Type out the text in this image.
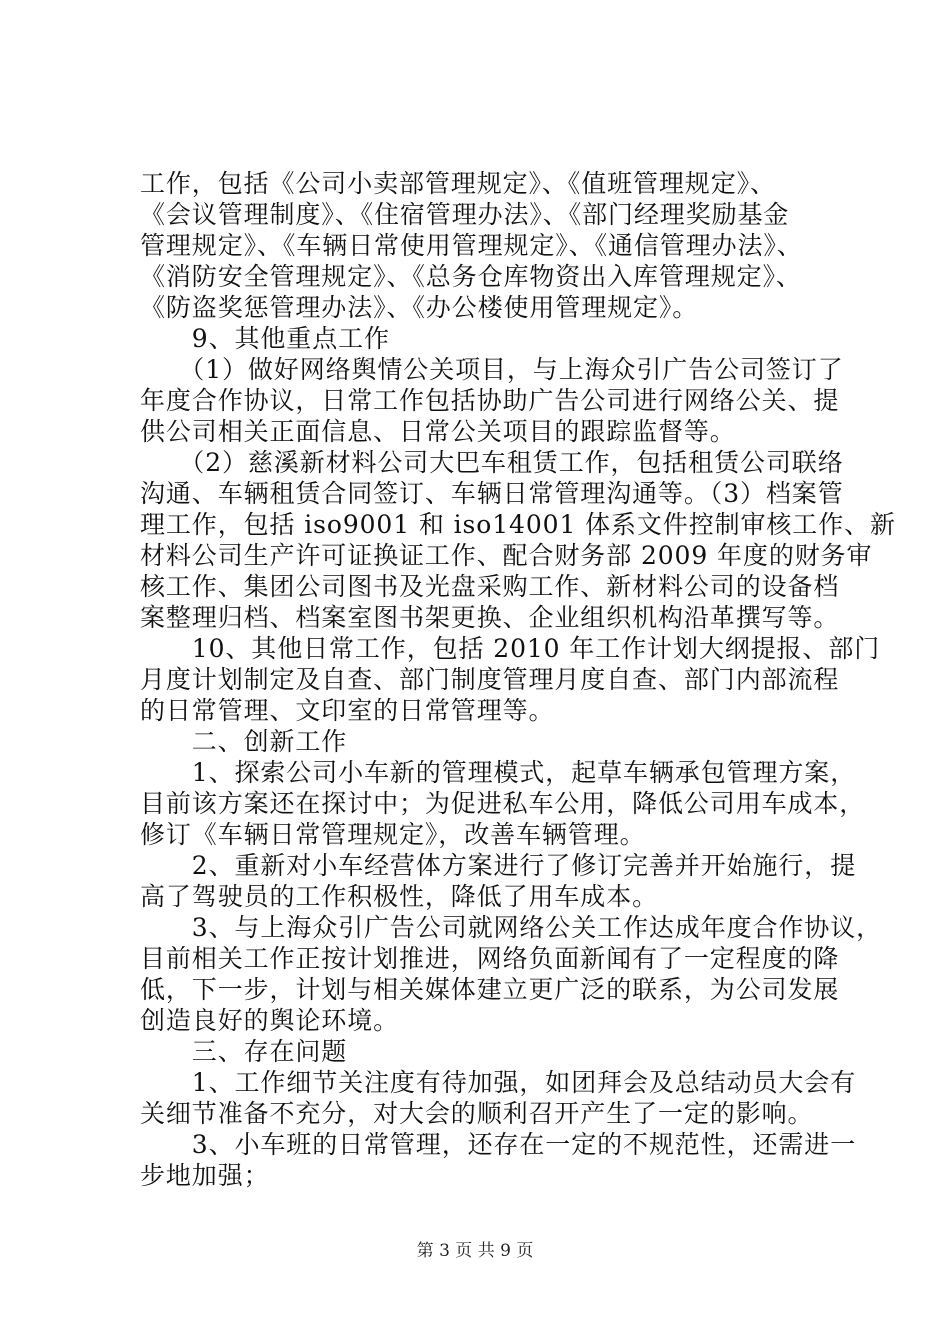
工作，包括《公司小卖部管理规定》、《值班管理规定》、
《会议管理制度》、《住宿管理办法》、《部门经理奖励基金
管理规定》、《车辆日常使用管理规定》、《通信管理办法》、
《消防安全管理规定》、《总务仓库物资出入库管理规定》、
《防盗奖惩管理办法》、《办公楼使用管理规定》。
　　9、其他重点工作
　　（1）做好网络舆情公关项目，与上海众引广告公司签订了
年度合作协议，日常工作包括协助广告公司进行网络公关、提
供公司相关正面信息、日常公关项目的跟踪监督等。
　　（2）慈溪新材料公司大巴车租赁工作，包括租赁公司联络
沟通、车辆租赁合同签订、车辆日常管理沟通等。（3）档案管
理工作，包括 iso9001 和 iso14001 体系文件控制审核工作、新
材料公司生产许可证换证工作、配合财务部 2009 年度的财务审
核工作、集团公司图书及光盘采购工作、新材料公司的设备档
案整理归档、档案室图书架更换、企业组织机构沿革撰写等。
　　10、其他日常工作，包括 2010 年工作计划大纲提报、部门
月度计划制定及自查、部门制度管理月度自查、部门内部流程
的日常管理、文印室的日常管理等。
　　二、创新工作
　　1、探索公司小车新的管理模式，起草车辆承包管理方案，
目前该方案还在探讨中；为促进私车公用，降低公司用车成本，
修订《车辆日常管理规定》，改善车辆管理。
　　2、重新对小车经营体方案进行了修订完善并开始施行，提
高了驾驶员的工作积极性，降低了用车成本。
　　3、与上海众引广告公司就网络公关工作达成年度合作协议，
目前相关工作正按计划推进，网络负面新闻有了一定程度的降
低，下一步，计划与相关媒体建立更广泛的联系，为公司发展
创造良好的舆论环境。
　　三、存在问题
　　1、工作细节关注度有待加强，如团拜会及总结动员大会有
关细节准备不充分，对大会的顺利召开产生了一定的影响。
　　3、小车班的日常管理，还存在一定的不规范性，还需进一
步地加强；
第 3 页 共 9 页
